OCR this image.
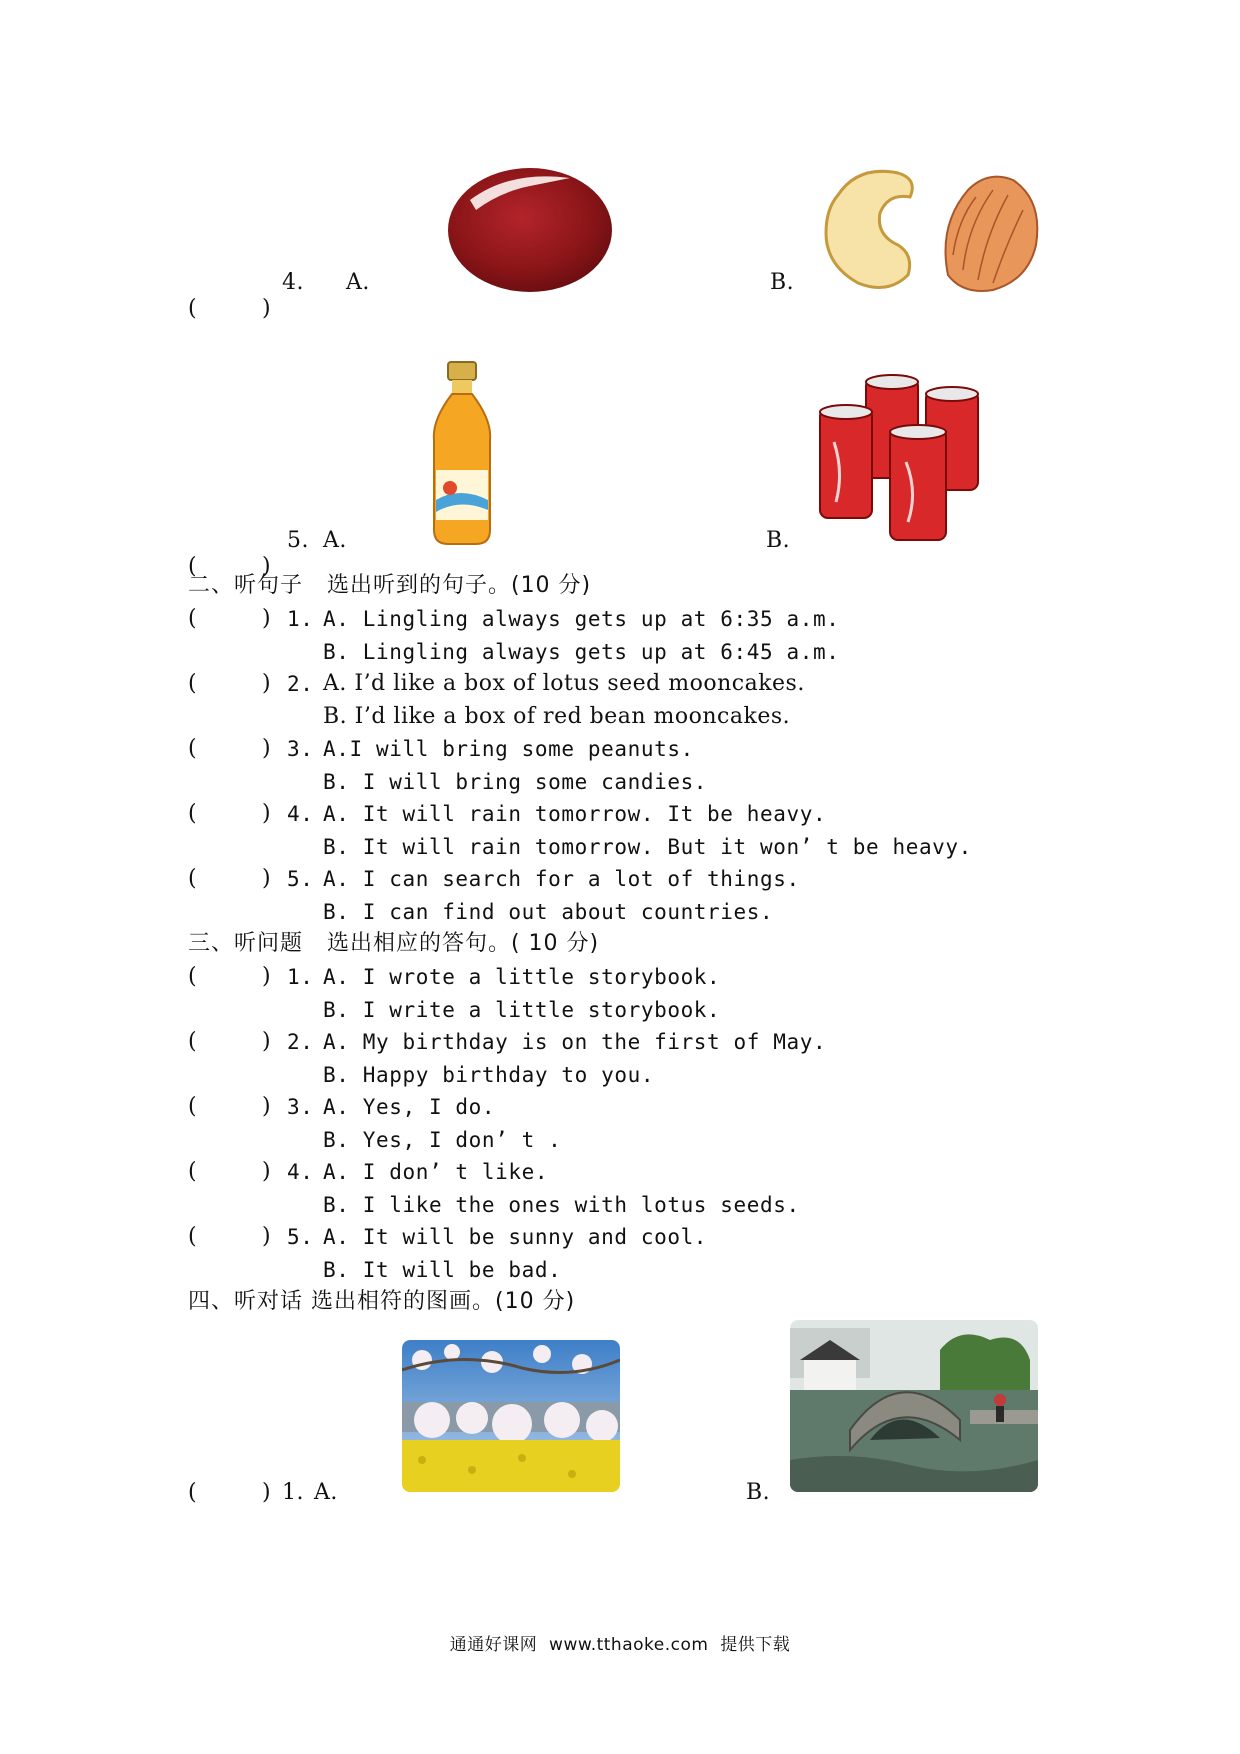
(	)

4. A.	B.

(	)

5. A.	B.
二、听句子   选出听到的句子。(10 分)
(	) 1. A. Lingling always gets up at 6:35 a.m.
B. Lingling always gets up at 6:45 a.m.
(	) 2. A. I’d like a box of lotus seed mooncakes.
B. I’d like a box of red bean mooncakes.
(	) 3. A.I will bring some peanuts.
B. I will bring some candies.
(	) 4. A. It will rain tomorrow. It be heavy.
B. It will rain tomorrow. But it won’ t be heavy.
(	) 5. A. I can search for a lot of things.
B. I can find out about countries.
三、听问题   选出相应的答句。( 10 分)
(	) 1. A. I wrote a little storybook.
B. I write a little storybook.
(	) 2. A. My birthday is on the first of May.
B. Happy birthday to you.
(	) 3. A. Yes, I do.
B. Yes, I don’ t .
(	) 4. A. I don’ t like.
B. I like the ones with lotus seeds.
(	) 5. A. It will be sunny and cool.
B. It will be bad.
四、听对话 选出相符的图画。(10 分)
(	) 1. A.	B.
通通好课网  www.tthaoke.com  提供下载
